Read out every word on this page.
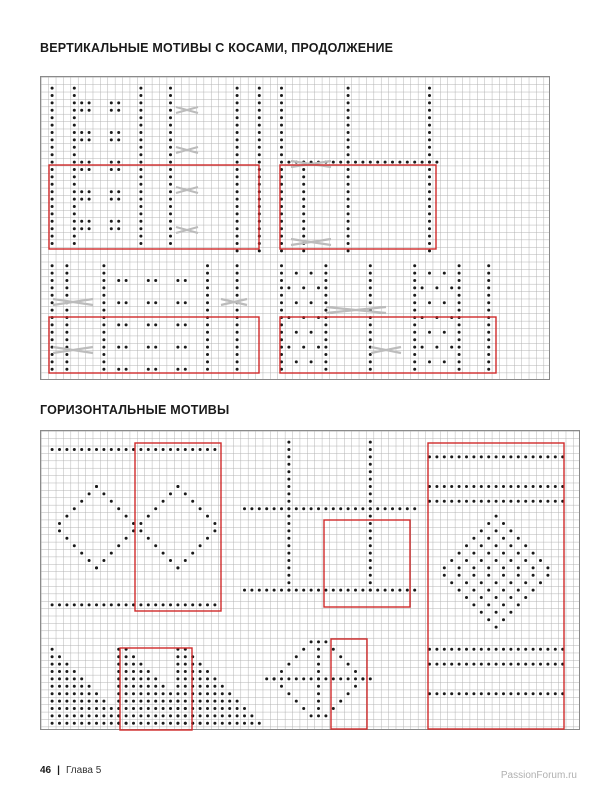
ВЕРТИКАЛЬНЫЕ МОТИВЫ С КОСАМИ, ПРОДОЛЖЕНИЕ
ГОРИЗОНТАЛЬНЫЕ МОТИВЫ
46 | Глава 5	PassionForum.ru
